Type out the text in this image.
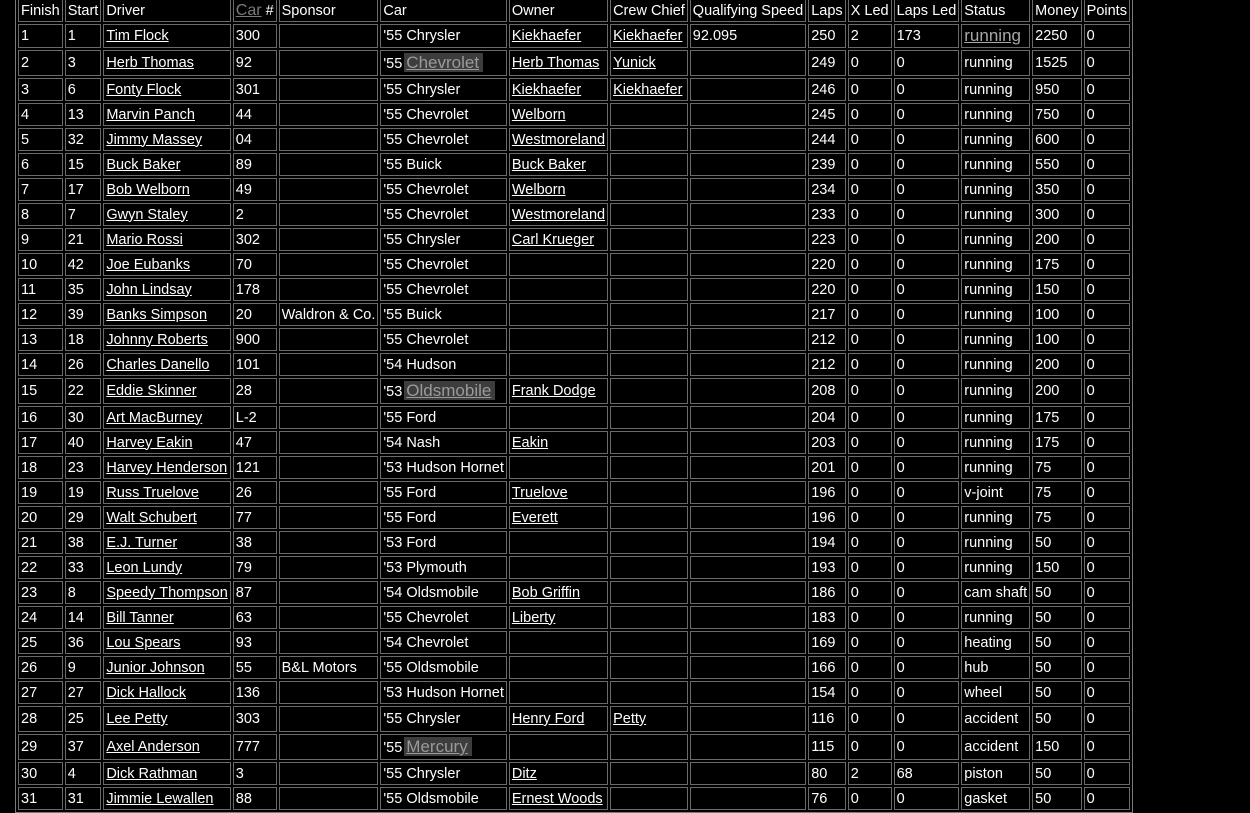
Finish	Start	Driver	Car #	Sponsor	Car	Owner	Crew Chief	Qualifying Speed	Laps	X Led	Laps Led	Status	Money	Points
1	1	Tim Flock	300		'55 Chrysler	Kiekhaefer	Kiekhaefer	92.095	250	2	173	running	2250	0
2	3	Herb Thomas	92		'55 Chevrolet	Herb Thomas	Yunick		249	0	0	running	1525	0
3	6	Fonty Flock	301		'55 Chrysler	Kiekhaefer	Kiekhaefer		246	0	0	running	950	0
4	13	Marvin Panch	44		'55 Chevrolet	Welborn			245	0	0	running	750	0
5	32	Jimmy Massey	04		'55 Chevrolet	Westmoreland			244	0	0	running	600	0
6	15	Buck Baker	89		'55 Buick	Buck Baker			239	0	0	running	550	0
7	17	Bob Welborn	49		'55 Chevrolet	Welborn			234	0	0	running	350	0
8	7	Gwyn Staley	2		'55 Chevrolet	Westmoreland			233	0	0	running	300	0
9	21	Mario Rossi	302		'55 Chrysler	Carl Krueger			223	0	0	running	200	0
10	42	Joe Eubanks	70		'55 Chevrolet				220	0	0	running	175	0
11	35	John Lindsay	178		'55 Chevrolet				220	0	0	running	150	0
12	39	Banks Simpson	20	Waldron & Co.	'55 Buick				217	0	0	running	100	0
13	18	Johnny Roberts	900		'55 Chevrolet				212	0	0	running	100	0
14	26	Charles Danello	101		'54 Hudson				212	0	0	running	200	0
15	22	Eddie Skinner	28		'53 Oldsmobile	Frank Dodge			208	0	0	running	200	0
16	30	Art MacBurney	L-2		'55 Ford				204	0	0	running	175	0
17	40	Harvey Eakin	47		'54 Nash	Eakin			203	0	0	running	175	0
18	23	Harvey Henderson	121		'53 Hudson Hornet				201	0	0	running	75	0
19	19	Russ Truelove	26		'55 Ford	Truelove			196	0	0	v-joint	75	0
20	29	Walt Schubert	77		'55 Ford	Everett			196	0	0	running	75	0
21	38	E.J. Turner	38		'53 Ford				194	0	0	running	50	0
22	33	Leon Lundy	79		'53 Plymouth				193	0	0	running	150	0
23	8	Speedy Thompson	87		'54 Oldsmobile	Bob Griffin			186	0	0	cam shaft	50	0
24	14	Bill Tanner	63		'55 Chevrolet	Liberty			183	0	0	running	50	0
25	36	Lou Spears	93		'54 Chevrolet				169	0	0	heating	50	0
26	9	Junior Johnson	55	B&L Motors	'55 Oldsmobile				166	0	0	hub	50	0
27	27	Dick Hallock	136		'53 Hudson Hornet				154	0	0	wheel	50	0
28	25	Lee Petty	303		'55 Chrysler	Henry Ford	Petty		116	0	0	accident	50	0
29	37	Axel Anderson	777		'55 Mercury				115	0	0	accident	150	0
30	4	Dick Rathman	3		'55 Chrysler	Ditz			80	2	68	piston	50	0
31	31	Jimmie Lewallen	88		'55 Oldsmobile	Ernest Woods			76	0	0	gasket	50	0
